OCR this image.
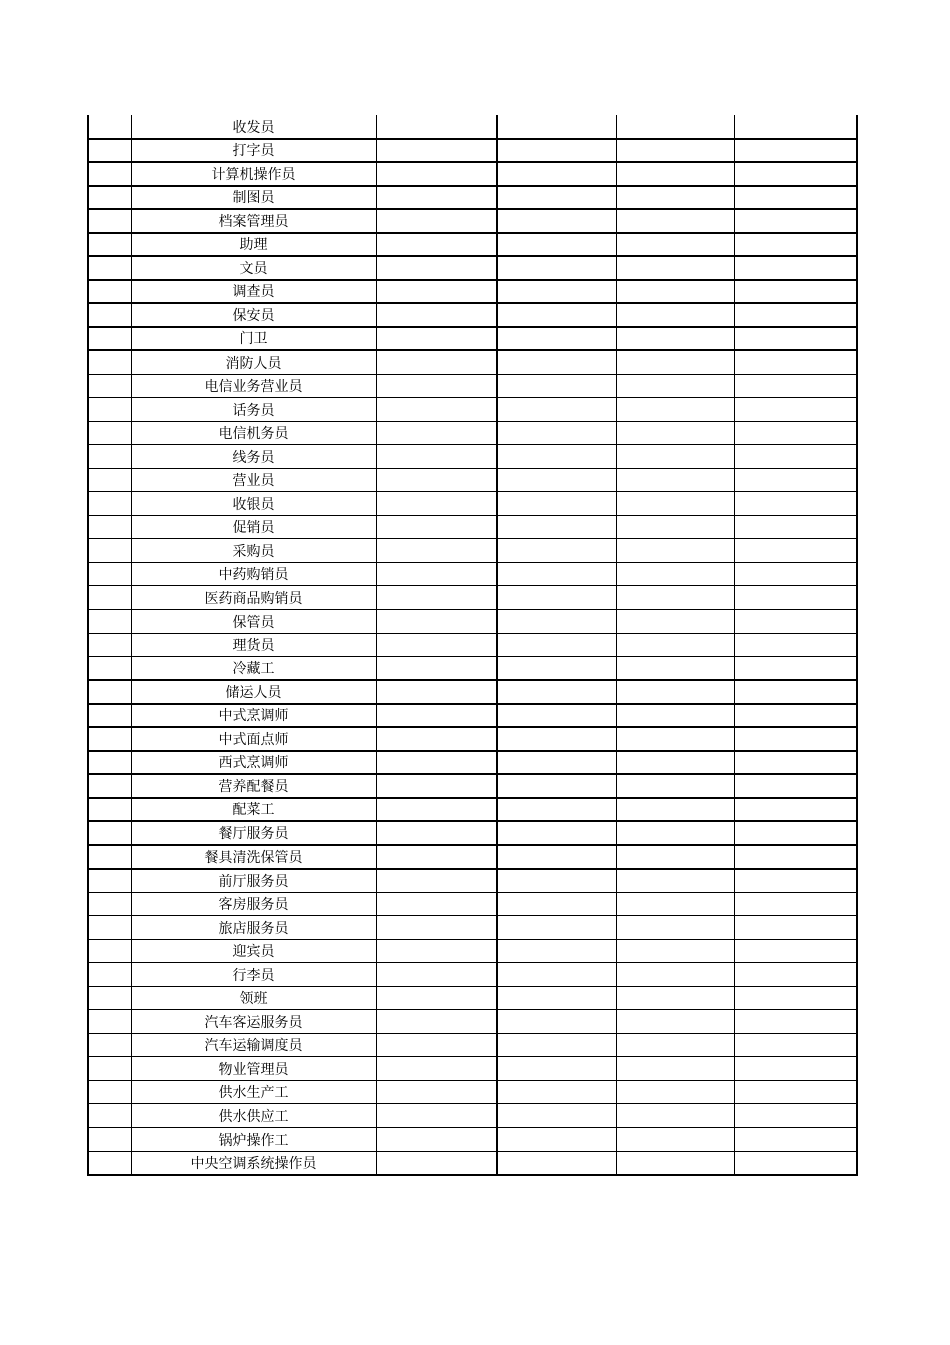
	收发员				
	打字员				
	计算机操作员				
	制图员				
	档案管理员				
	助理				
	文员				
	调查员				
	保安员				
	门卫				
	消防人员				
	电信业务营业员				
	话务员				
	电信机务员				
	线务员				
	营业员				
	收银员				
	促销员				
	采购员				
	中药购销员				
	医药商品购销员				
	保管员				
	理货员				
	冷藏工				
	储运人员				
	中式烹调师				
	中式面点师				
	西式烹调师				
	营养配餐员				
	配菜工				
	餐厅服务员				
	餐具清洗保管员				
	前厅服务员				
	客房服务员				
	旅店服务员				
	迎宾员				
	行李员				
	领班				
	汽车客运服务员				
	汽车运输调度员				
	物业管理员				
	供水生产工				
	供水供应工				
	锅炉操作工				
	中央空调系统操作员				
